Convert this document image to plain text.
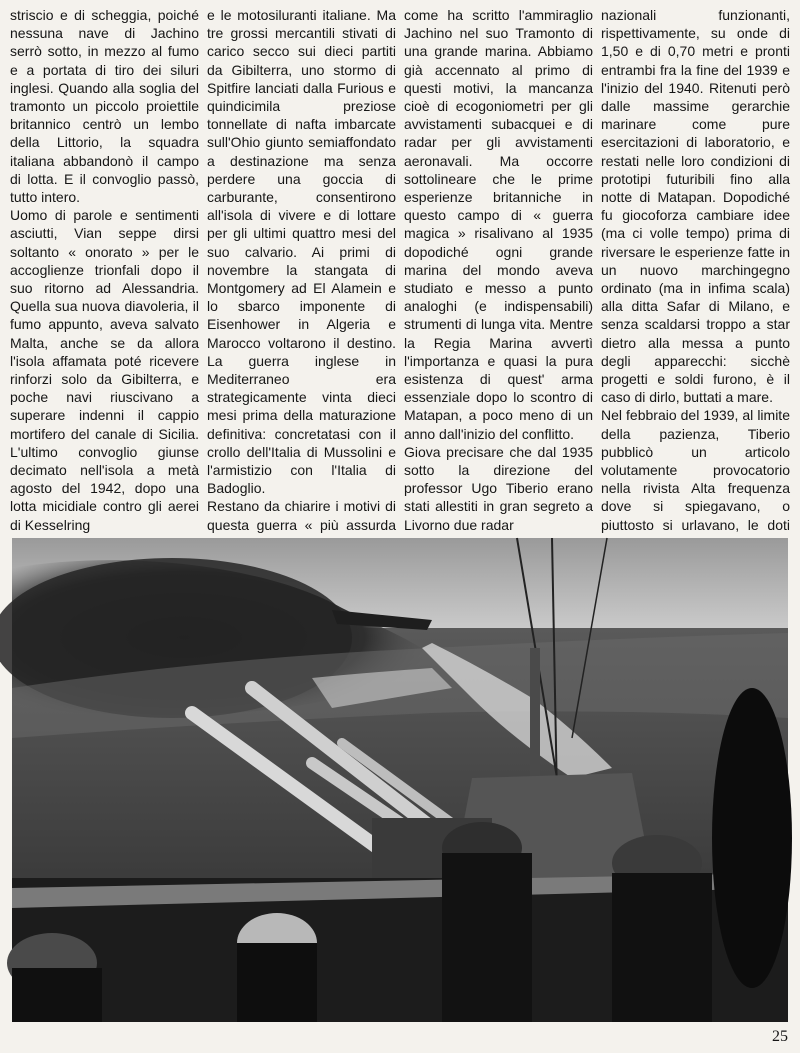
striscio e di scheggia, poiché nessuna nave di Jachino serrò sotto, in mezzo al fumo e a portata di tiro dei siluri inglesi. Quando alla soglia del tramonto un piccolo proiettile britannico centrò un lembo della Littorio, la squadra italiana abbandonò il campo di lotta. E il convoglio passò, tutto intero.

Uomo di parole e sentimenti asciutti, Vian seppe dirsi soltanto « onorato » per le accoglienze trionfali dopo il suo ritorno ad Alessandria. Quella sua nuova diavoleria, il fumo appunto, aveva salvato Malta, anche se da allora l'isola affamata poté ricevere rinforzi solo da Gibilterra, e poche navi riuscivano a superare indenni il cappio mortifero del canale di Sicilia. L'ultimo convoglio giunse decimato nell'isola a metà agosto del 1942, dopo una lotta micidiale contro gli aerei di Kesselring

e le motosiluranti italiane. Ma tre grossi mercantili stivati di carico secco sui dieci partiti da Gibilterra, uno stormo di Spitfire lanciati dalla Furious e quindicimila preziose tonnellate di nafta imbarcate sull'Ohio giunto semiaffondato a destinazione ma senza perdere una goccia di carburante, consentirono all'isola di vivere e di lottare per gli ultimi quattro mesi del suo calvario. Ai primi di novembre la stangata di Montgomery ad El Alamein e lo sbarco imponente di Eisenhower in Algeria e Marocco voltarono il destino. La guerra inglese in Mediterraneo era strategicamente vinta dieci mesi prima della maturazione definitiva: concretatasi con il crollo dell'Italia di Mussolini e l'armistizio con l'Italia di Badoglio.

Restano da chiarire i motivi di questa guerra « più assurda

come ha scritto l'ammiraglio Jachino nel suo Tramonto di una grande marina. Abbiamo già accennato al primo di questi motivi, la mancanza cioè di ecogoniometri per gli avvistamenti subacquei e di radar per gli avvistamenti aeronavali. Ma occorre sottolineare che le prime esperienze britanniche in questo campo di « guerra magica » risalivano al 1935 dopodiché ogni grande marina del mondo aveva studiato e messo a punto analoghi (e indispensabili) strumenti di lunga vita. Mentre la Regia Marina avvertì l'importanza e quasi la pura esistenza di quest' arma essenziale dopo lo scontro di Matapan, a poco meno di un anno dall'inizio del conflitto.

Giova precisare che dal 1935 sotto la direzione del professor Ugo Tiberio erano stati allestiti in gran segreto a Livorno due radar

nazionali funzionanti, rispettivamente, su onde di 1,50 e di 0,70 metri e pronti entrambi fra la fine del 1939 e l'inizio del 1940. Ritenuti però dalle massime gerarchie marinare come pure esercitazioni di laboratorio, e restati nelle loro condizioni di prototipi futuribili fino alla notte di Matapan. Dopodiché fu giocoforza cambiare idee (ma ci volle tempo) prima di riversare le esperienze fatte in un nuovo marchingegno ordinato (ma in infima scala) alla ditta Safar di Milano, e senza scaldarsi troppo a star dietro alla messa a punto degli apparecchi: sicchè progetti e soldi furono, è il caso di dirlo, buttati a mare.

Nel febbraio del 1939, al limite della pazienza, Tiberio pubblicò un articolo volutamente provocatorio nella rivista Alta frequenza dove si spiegavano, o piuttosto si urlavano, le doti

25
